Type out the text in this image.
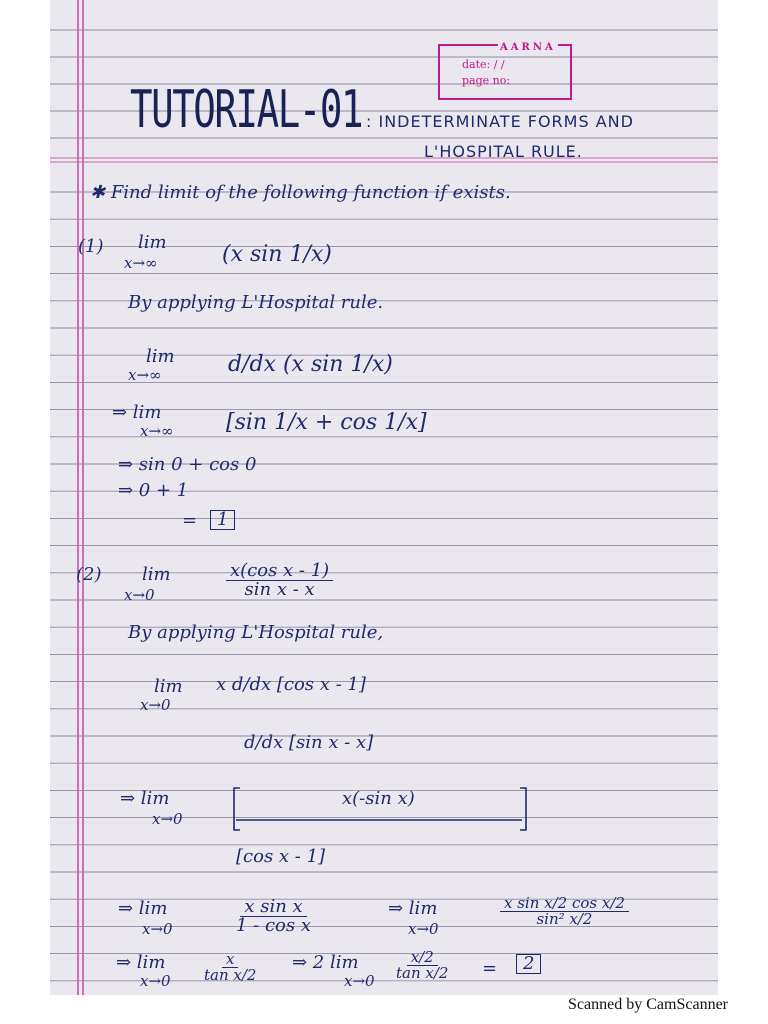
AARNA
date: / /
page no:
TUTORIAL-01 : INDETERMINATE FORMS AND
L'HOSPITAL RULE.
✱ Find limit of the following function if exists.
(1) lim
x→∞	(x sin 1/x)
By applying L'Hospital rule.
lim
x→∞	d/dx (x sin 1/x)
⇒ lim
x→∞ [sin 1/x + cos 1/x]
⇒ sin 0 + cos 0
⇒ 0 + 1
=	1
(2) lim
x→0	$\frac{\text{x(cos x - 1)}}{\text{sin x - x}}$
By applying L'Hospital rule,
lim
x→0
x d/dx [cos x - 1]
d/dx [sin x - x]
⇒ lim
x→0
x(-sin x)
[cos x - 1]
⇒ lim
x→0	$\frac{\text{x sin x}}{\text{1 - cos x}}$	⇒ lim
x→0
$\frac{\text{x sin x/2 cos x/2}}{\text{sin² x/2}}$
⇒ lim
$x\to 0 \frac{x}{\text{tan x/2}}$ ⇒ 2 lim
$x\to 0 \frac{x/2}{\text{tan x/2}}$ =	2
Scanned by CamScanner
